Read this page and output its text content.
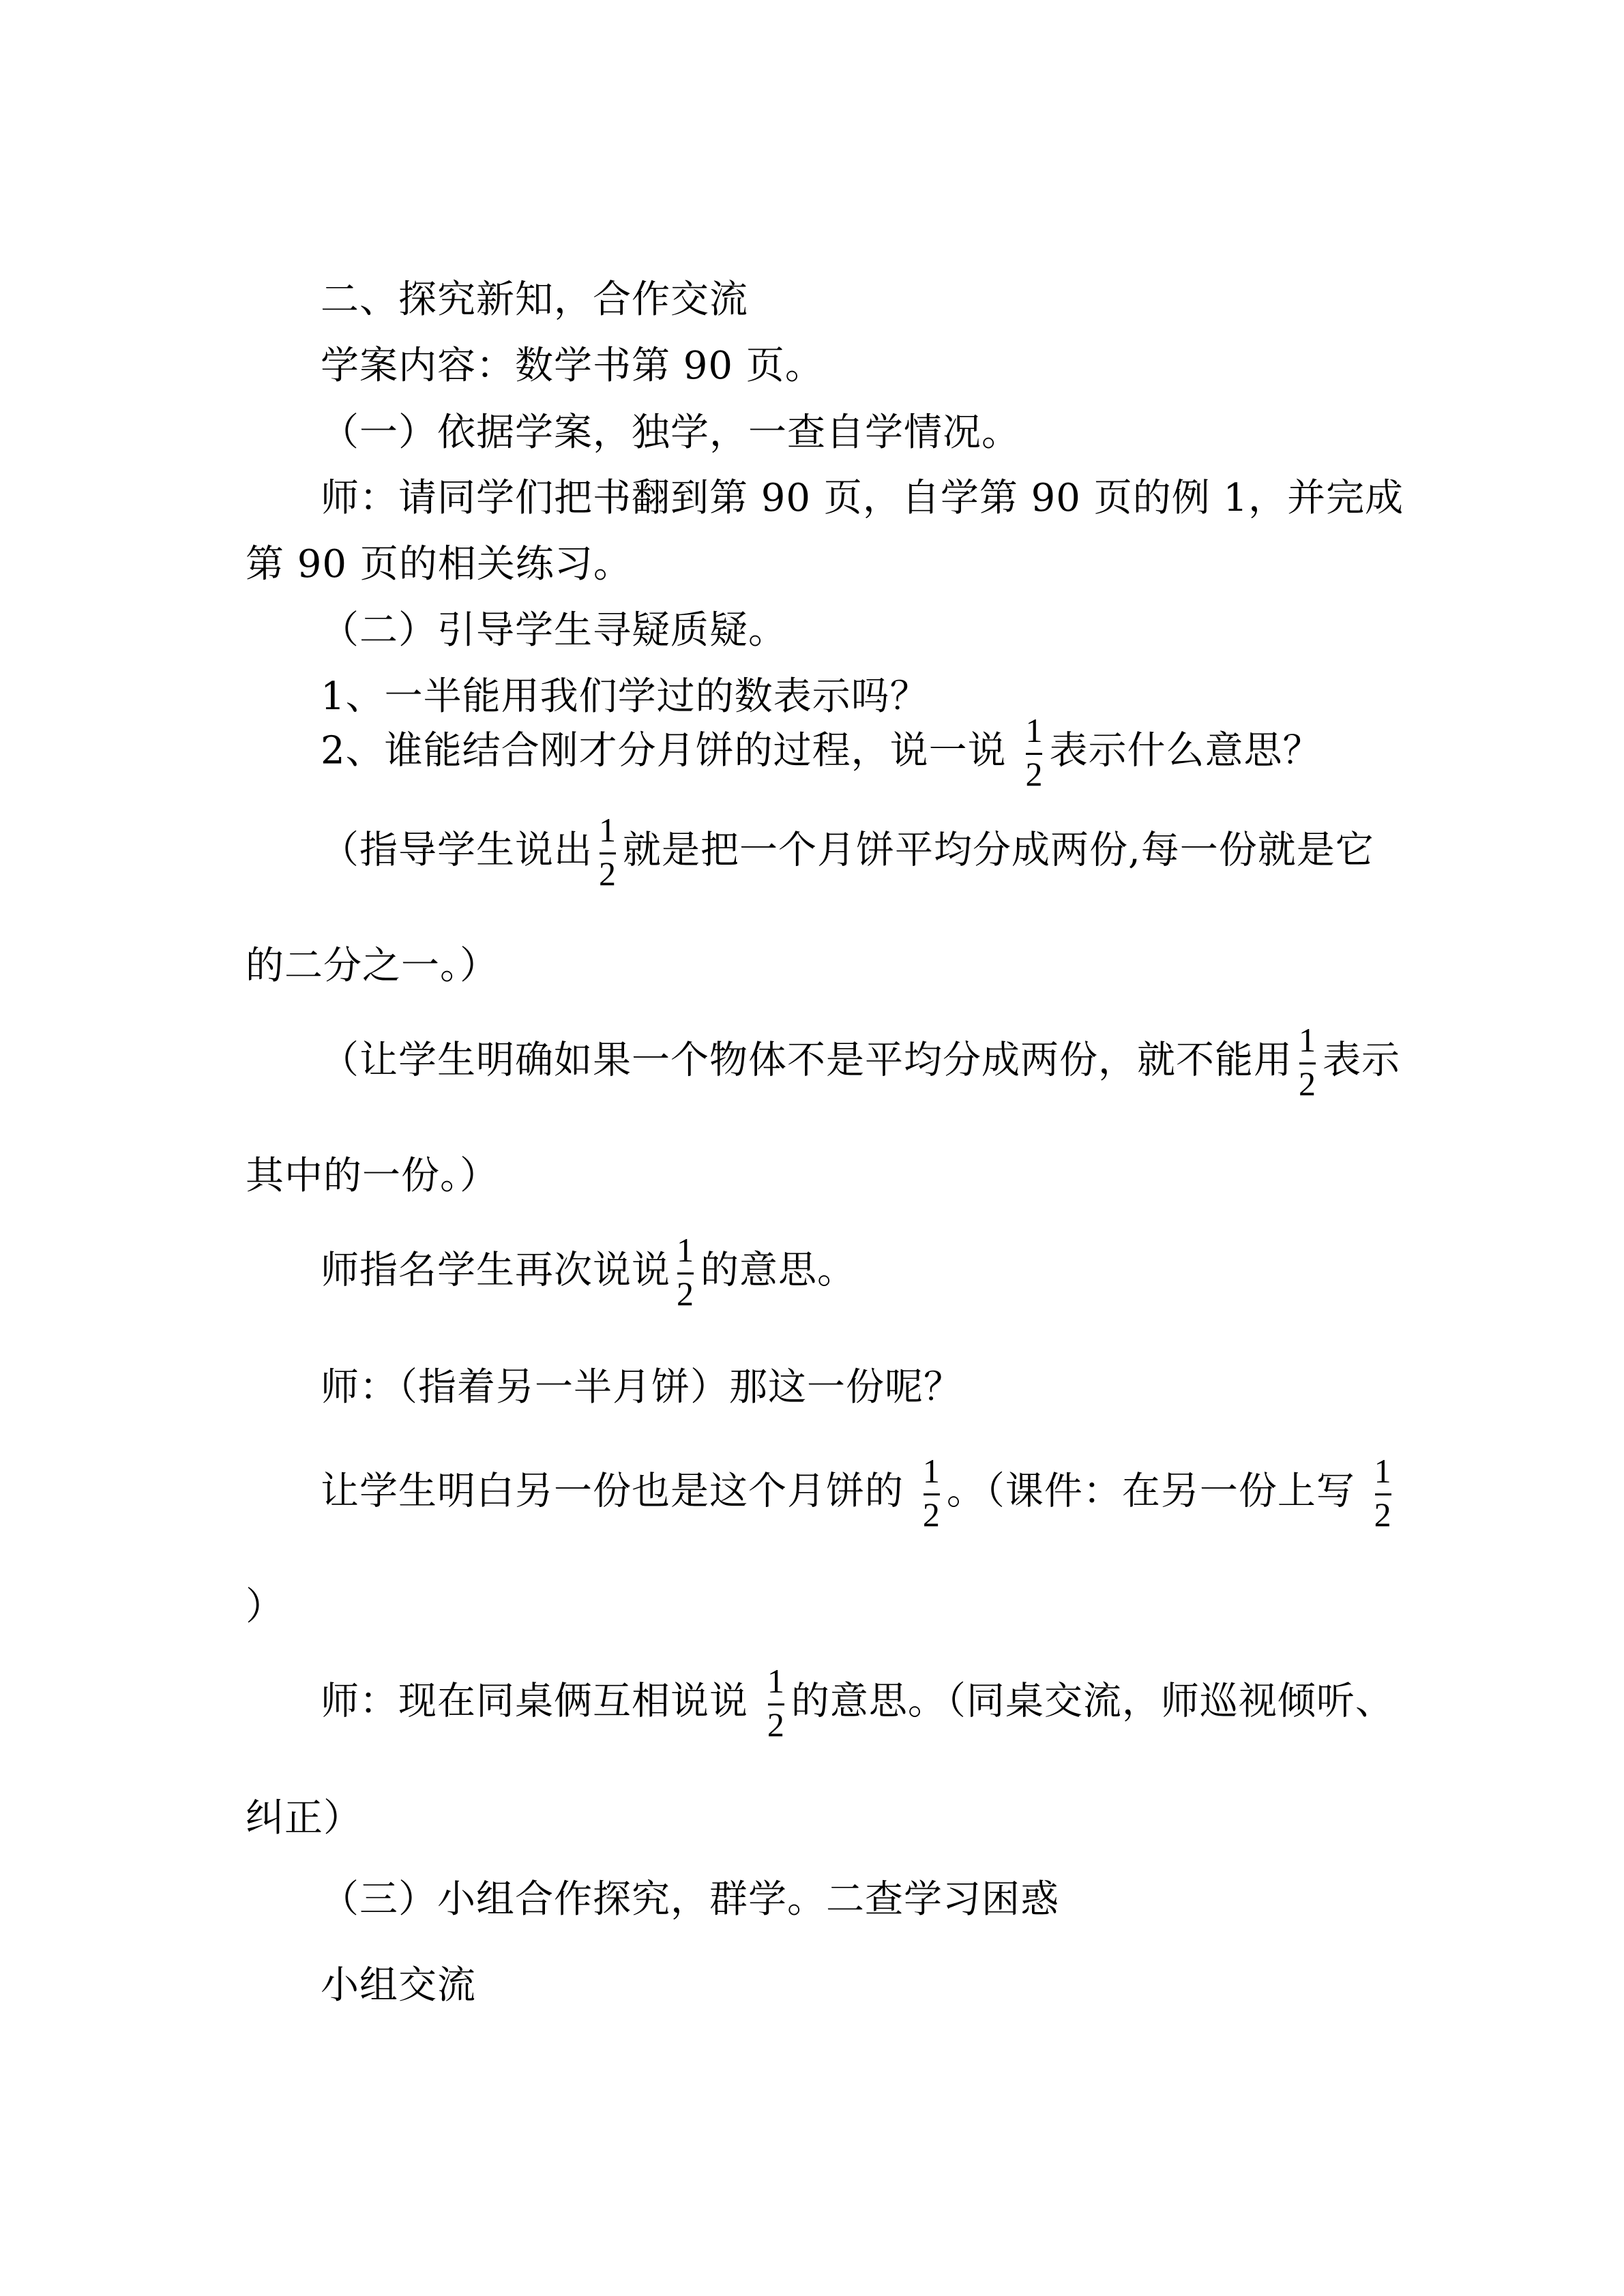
二、探究新知，合作交流
学案内容：数学书第 90 页。
（一）依据学案，独学，一查自学情况。
师：请同学们把书翻到第 90 页，自学第 90 页的例 1，并完成
第 90 页的相关练习。
（二）引导学生寻疑质疑。
1、一半能用我们学过的数表示吗？
2、谁能结合刚才分月饼的过程，说一说 $\frac{1}{2}$ 表示什么意思？
（指导学生说出 $\frac{1}{2}$ 就是把一个月饼平均分成两份,每一份就是它
的二分之一。）
（让学生明确如果一个物体不是平均分成两份，就不能用 $\frac{1}{2}$ 表示
其中的一份。）
师指名学生再次说说 $\frac{1}{2}$ 的意思。
师：（指着另一半月饼）那这一份呢？
让学生明白另一份也是这个月饼的 $\frac{1}{2}$ 。（课件：在另一份上写 $\frac{1}{2}$
）
师：现在同桌俩互相说说 $\frac{1}{2}$ 的意思。（同桌交流，师巡视倾听、
纠正）
（三）小组合作探究，群学。二查学习困惑
小组交流
